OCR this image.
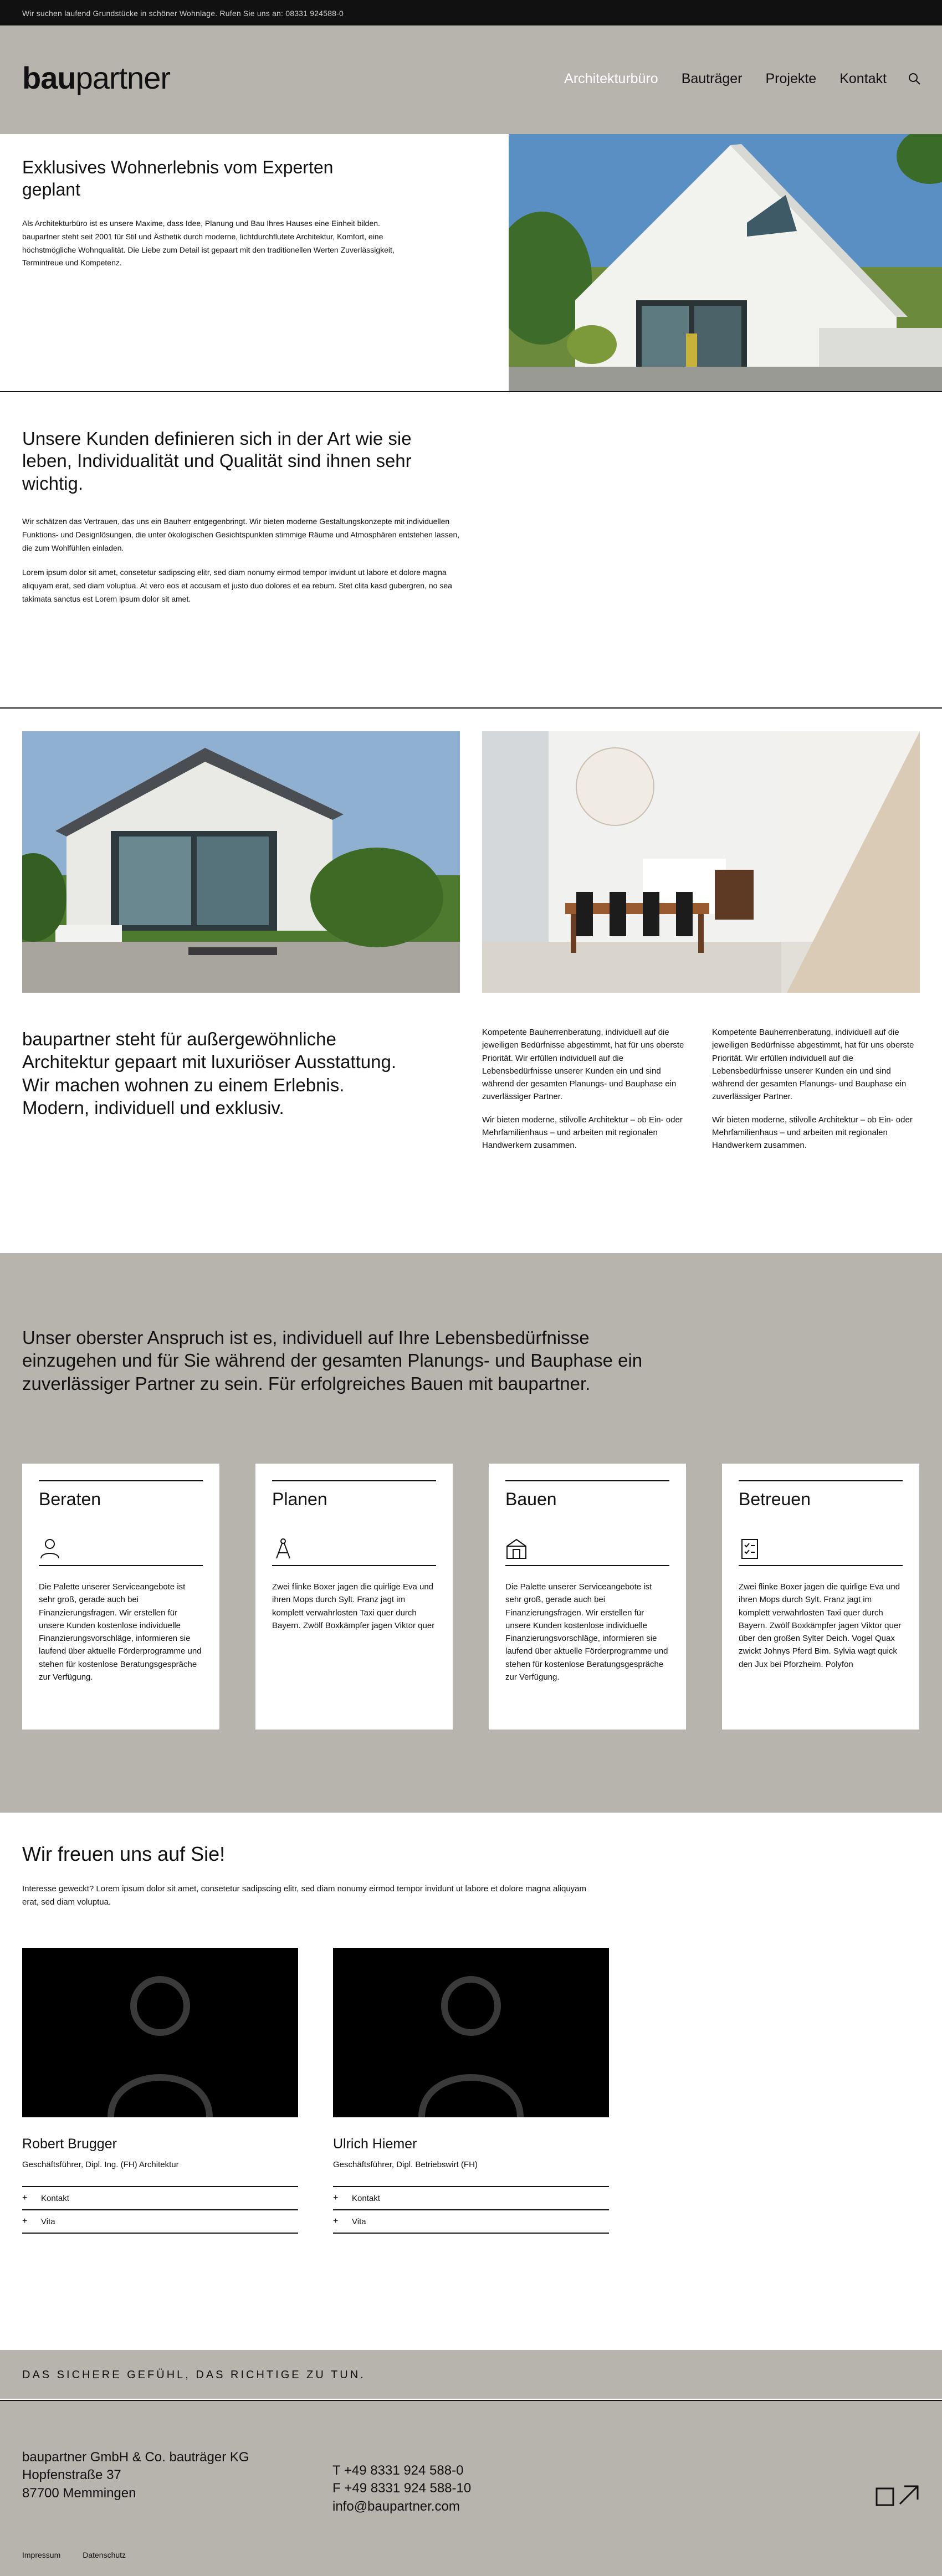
Wir suchen laufend Grundstücke in schöner Wohnlage. Rufen Sie uns an: 08331 924588-0
baupartner	Architekturbüro Bauträger Projekte Kontakt
Exklusives Wohnerlebnis vom Experten geplant

Als Architekturbüro ist es unsere Maxime, dass Idee, Planung und Bau Ihres Hauses eine Einheit bilden. baupartner steht seit 2001 für Stil und Ästhetik durch moderne, lichtdurchflutete Architektur, Komfort, eine höchstmögliche Wohnqualität. Die Liebe zum Detail ist gepaart mit den traditionellen Werten Zuverlässigkeit, Termintreue und Kompetenz.

Unsere Kunden definieren sich in der Art wie sie leben, Individualität und Qualität sind ihnen sehr wichtig.

Wir schätzen das Vertrauen, das uns ein Bauherr entgegenbringt. Wir bieten moderne Gestaltungskonzepte mit individuellen Funktions- und Designlösungen, die unter ökologischen Gesichtspunkten stimmige Räume und Atmosphären entstehen lassen, die zum Wohlfühlen einladen.

Lorem ipsum dolor sit amet, consetetur sadipscing elitr, sed diam nonumy eirmod tempor invidunt ut labore et dolore magna aliquyam erat, sed diam voluptua. At vero eos et accusam et justo duo dolores et ea rebum. Stet clita kasd gubergren, no sea takimata sanctus est Lorem ipsum dolor sit amet.

baupartner steht für außergewöhnliche Architektur gepaart mit luxuriöser Ausstattung. Wir machen wohnen zu einem Erlebnis. Modern, individuell und exklusiv.

Kompetente Bauherrenberatung, individuell auf die jeweiligen Bedürfnisse abgestimmt, hat für uns oberste Priorität. Wir erfüllen individuell auf die Lebensbedürfnisse unserer Kunden ein und sind während der gesamten Planungs- und Bauphase ein zuverlässiger Partner.

Wir bieten moderne, stilvolle Architektur – ob Ein- oder Mehrfamilienhaus – und arbeiten mit regionalen Handwerkern zusammen.

Kompetente Bauherrenberatung, individuell auf die jeweiligen Bedürfnisse abgestimmt, hat für uns oberste Priorität. Wir erfüllen individuell auf die Lebensbedürfnisse unserer Kunden ein und sind während der gesamten Planungs- und Bauphase ein zuverlässiger Partner.

Wir bieten moderne, stilvolle Architektur – ob Ein- oder Mehrfamilienhaus – und arbeiten mit regionalen Handwerkern zusammen.

Unser oberster Anspruch ist es, individuell auf Ihre Lebensbedürfnisse einzugehen und für Sie während der gesamten Planungs- und Bauphase ein zuverlässiger Partner zu sein. Für erfolgreiches Bauen mit baupartner.
Beraten

Die Palette unserer Serviceangebote ist sehr groß, gerade auch bei Finanzierungsfragen. Wir erstellen für unsere Kunden kostenlose individuelle Finanzierungsvorschläge, informieren sie laufend über aktuelle Förderprogramme und stehen für kostenlose Beratungsgespräche zur Verfügung.

Planen

Zwei flinke Boxer jagen die quirlige Eva und ihren Mops durch Sylt. Franz jagt im komplett verwahrlosten Taxi quer durch Bayern. Zwölf Boxkämpfer jagen Viktor quer

Bauen

Die Palette unserer Serviceangebote ist sehr groß, gerade auch bei Finanzierungsfragen. Wir erstellen für unsere Kunden kostenlose individuelle Finanzierungsvorschläge, informieren sie laufend über aktuelle Förderprogramme und stehen für kostenlose Beratungsgespräche zur Verfügung.

Betreuen

Zwei flinke Boxer jagen die quirlige Eva und ihren Mops durch Sylt. Franz jagt im komplett verwahrlosten Taxi quer durch Bayern. Zwölf Boxkämpfer jagen Viktor quer über den großen Sylter Deich. Vogel Quax zwickt Johnys Pferd Bim. Sylvia wagt quick den Jux bei Pforzheim. Polyfon

Wir freuen uns auf Sie!

Interesse geweckt? Lorem ipsum dolor sit amet, consetetur sadipscing elitr, sed diam nonumy eirmod tempor invidunt ut labore et dolore magna aliquyam erat, sed diam voluptua.

Robert Brugger
Geschäftsführer, Dipl. Ing. (FH) Architektur
+	Kontakt
+	Vita
Ulrich Hiemer
Geschäftsführer, Dipl. Betriebswirt (FH)
+	Kontakt
+	Vita
DAS SICHERE GEFÜHL, DAS RICHTIGE ZU TUN.
baupartner GmbH & Co. bauträger KG
Hopfenstraße 37
87700 Memmingen
T +49 8331 924 588-0
F +49 8331 924 588-10
info@baupartner.com
Impressum	Datenschutz
